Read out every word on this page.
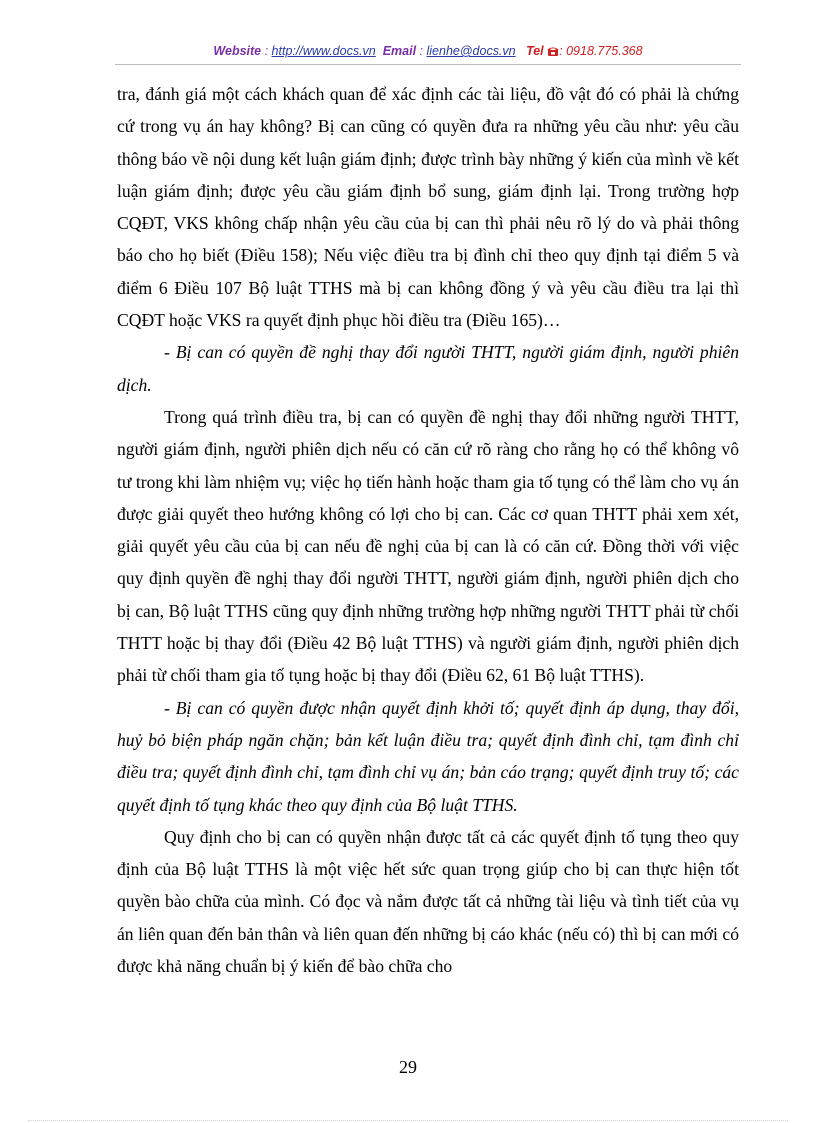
Website : http://www.docs.vn Email : lienhe@docs.vn Tel : 0918.775.368

tra, đánh giá một cách khách quan để xác định các tài liệu, đồ vật đó có phải là chứng cứ trong vụ án hay không? Bị can cũng có quyền đưa ra những yêu cầu như: yêu cầu thông báo về nội dung kết luận giám định; được trình bày những ý kiến của mình về kết luận giám định; được yêu cầu giám định bổ sung, giám định lại. Trong trường hợp CQĐT, VKS không chấp nhận yêu cầu của bị can thì phải nêu rõ lý do và phải thông báo cho họ biết (Điều 158); Nếu việc điều tra bị đình chỉ theo quy định tại điểm 5 và điểm 6 Điều 107 Bộ luật TTHS mà bị can không đồng ý và yêu cầu điều tra lại thì CQĐT hoặc VKS ra quyết định phục hồi điều tra (Điều 165)…

- Bị can có quyền đề nghị thay đổi người THTT, người giám định, người phiên dịch.

Trong quá trình điều tra, bị can có quyền đề nghị thay đổi những người THTT, người giám định, người phiên dịch nếu có căn cứ rõ ràng cho rằng họ có thể không vô tư trong khi làm nhiệm vụ; việc họ tiến hành hoặc tham gia tố tụng có thể làm cho vụ án được giải quyết theo hướng không có lợi cho bị can. Các cơ quan THTT phải xem xét, giải quyết yêu cầu của bị can nếu đề nghị của bị can là có căn cứ. Đồng thời với việc quy định quyền đề nghị thay đổi người THTT, người giám định, người phiên dịch cho bị can, Bộ luật TTHS cũng quy định những trường hợp những người THTT phải từ chối THTT hoặc bị thay đổi (Điều 42 Bộ luật TTHS) và người giám định, người phiên dịch phải từ chối tham gia tố tụng hoặc bị thay đổi (Điều 62, 61 Bộ luật TTHS).

- Bị can có quyền được nhận quyết định khởi tố; quyết định áp dụng, thay đổi, huỷ bỏ biện pháp ngăn chặn; bản kết luận điều tra; quyết định đình chỉ, tạm đình chỉ điều tra; quyết định đình chỉ, tạm đình chỉ vụ án; bản cáo trạng; quyết định truy tố; các quyết định tố tụng khác theo quy định của Bộ luật TTHS.

Quy định cho bị can có quyền nhận được tất cả các quyết định tố tụng theo quy định của Bộ luật TTHS là một việc hết sức quan trọng giúp cho bị can thực hiện tốt quyền bào chữa của mình. Có đọc và nắm được tất cả những tài liệu và tình tiết của vụ án liên quan đến bản thân và liên quan đến những bị cáo khác (nếu có) thì bị can mới có được khả năng chuẩn bị ý kiến để bào chữa cho

29
